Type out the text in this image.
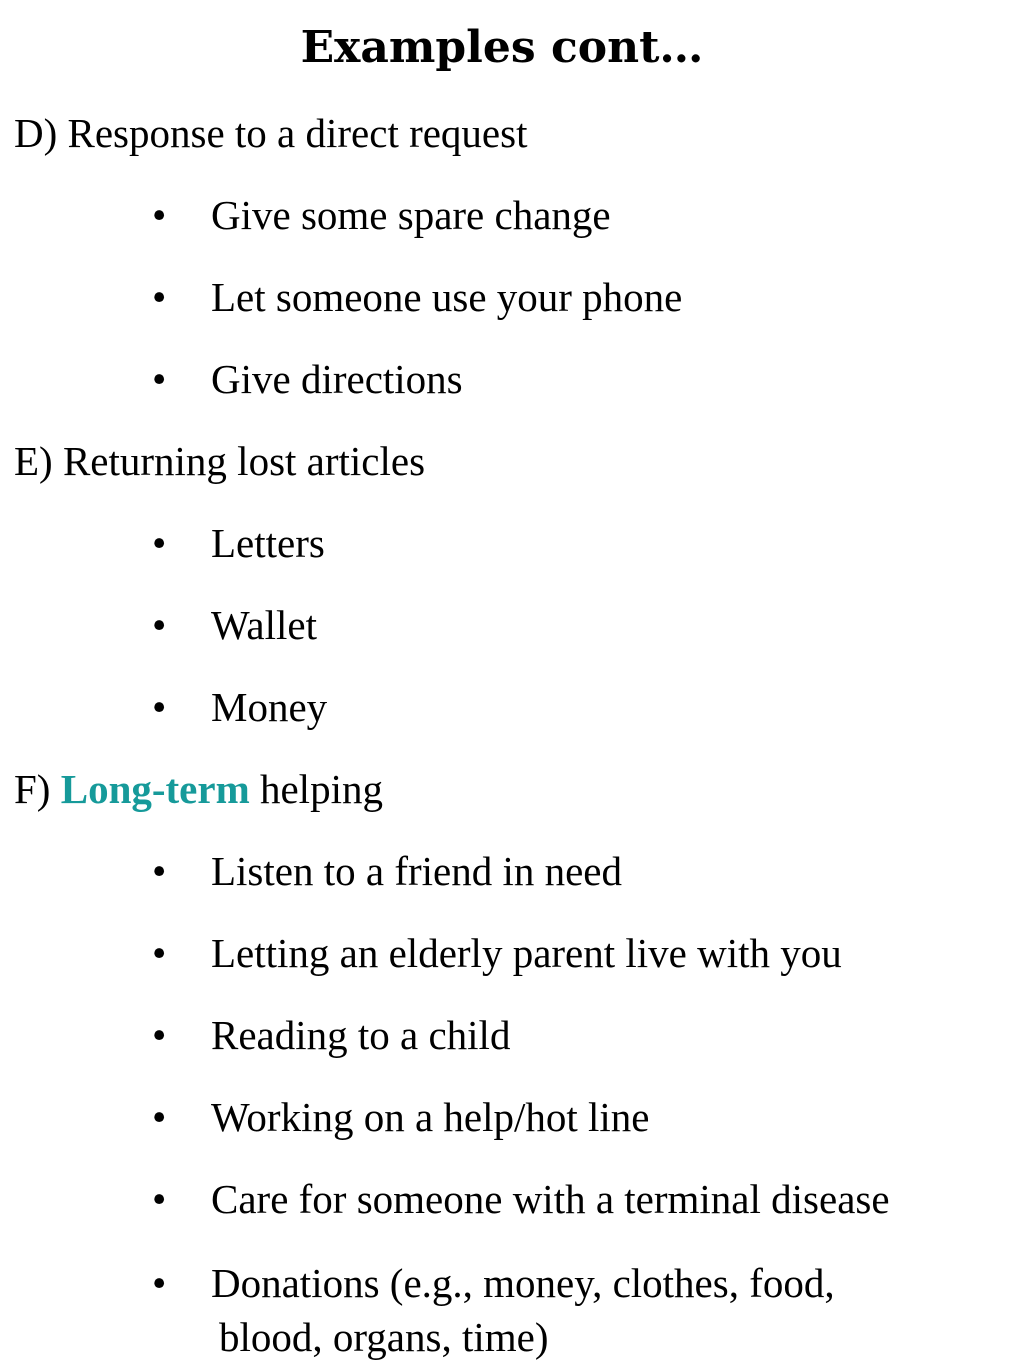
Examples cont…
D) Response to a direct request
• Give some spare change
• Let someone use your phone
• Give directions
E) Returning lost articles
• Letters
• Wallet
• Money
F) Long-term helping
• Listen to a friend in need
• Letting an elderly parent live with you
• Reading to a child
• Working on a help/hot line
• Care for someone with a terminal disease
• Donations (e.g., money, clothes, food,
blood, organs, time)
